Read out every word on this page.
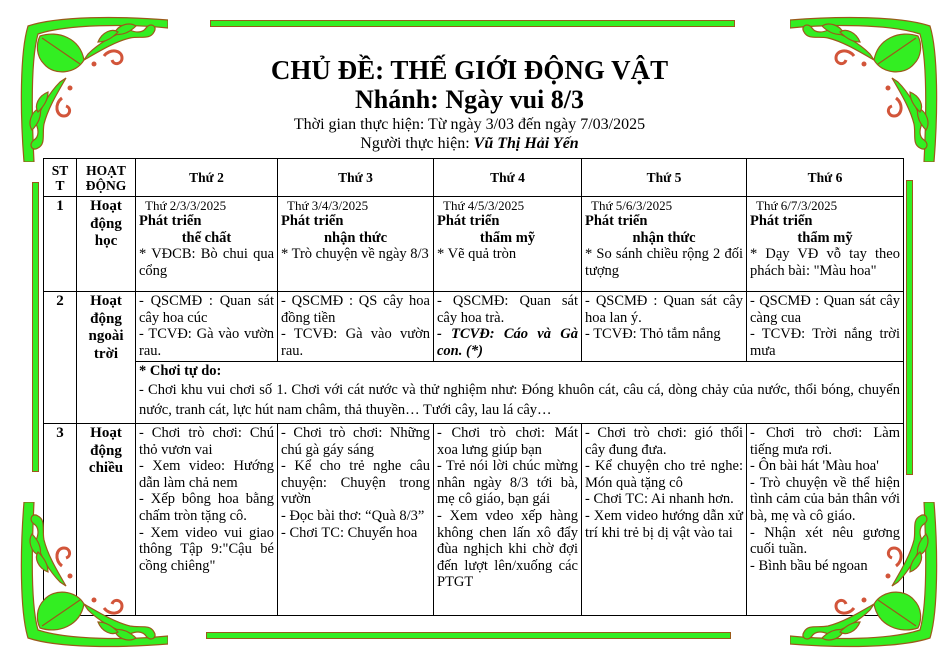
CHỦ ĐỀ: THẾ GIỚI ĐỘNG VẬT

Nhánh: Ngày vui 8/3

Thời gian thực hiện: Từ ngày 3/03 đến ngày 7/03/2025

Người thực hiện: Vũ Thị Hải Yến

ST T	HOẠT ĐỘNG	Thứ 2	Thứ 3	Thứ 4	Thứ 5	Thứ 6
1	Hoạt động học	Thứ 2/3/3/2025
Phát triển
thể chất
* VĐCB: Bò chui qua cổng	Thứ 3/4/3/2025
Phát triển
nhận thức
* Trò chuyện về ngày 8/3	Thứ 4/5/3/2025
Phát triển
thẩm mỹ
* Vẽ quả tròn	Thứ 5/6/3/2025
Phát triển
nhận thức
* So sánh chiều rộng 2 đối tượng	Thứ 6/7/3/2025
Phát triển
thẩm mỹ
* Dạy VĐ vỗ tay theo phách bài: "Màu hoa"

2	Hoạt động ngoài trời	- QSCMĐ : Quan sát cây hoa cúc
- TCVĐ: Gà vào vườn rau.	- QSCMĐ : QS cây hoa đồng tiền
- TCVĐ: Gà vào vườn rau.	- QSCMĐ: Quan sát cây hoa trà.
- TCVĐ: Cáo và Gà con. (*)	- QSCMĐ : Quan sát cây hoa lan ý.
- TCVĐ: Thỏ tắm nắng	- QSCMĐ : Quan sát cây càng cua
- TCVĐ: Trời nắng trời mưa

		* Chơi tự do:
- Chơi khu vui chơi số 1. Chơi với cát nước và thử nghiệm như: Đóng khuôn cát, câu cá, dòng chảy của nước, thổi bóng, chuyển nước, tranh cát, lực hút nam châm, thả thuyền… Tưới cây, lau lá cây…				

3	Hoạt động chiều	- Chơi trò chơi: Chú thỏ vươn vai
- Xem video: Hướng dẫn làm chả nem
- Xếp bông hoa bằng chấm tròn tặng cô.
- Xem video vui giao thông Tập 9:"Cậu bé cồng chiêng"	- Chơi trò chơi: Những chú gà gáy sáng
- Kể cho trẻ nghe câu chuyện: Chuyện trong vườn
- Đọc bài thơ: “Quà 8/3”
- Chơi TC: Chuyển hoa	- Chơi trò chơi: Mát xoa lưng giúp bạn
- Trẻ nói lời chúc mừng nhân ngày 8/3 tới bà, mẹ cô giáo, bạn gái
- Xem vdeo xếp hàng không chen lấn xô đẩy đùa nghịch khi chờ đợi đến lượt lên/xuống các PTGT	- Chơi trò chơi: gió thổi cây đung đưa.
- Kể chuyện cho trẻ nghe: Món quà tặng cô
- Chơi TC: Ai nhanh hơn.
- Xem video hướng dẫn xử trí khi trẻ bị dị vật vào tai	- Chơi trò chơi: Làm tiếng mưa rơi.
- Ôn bài hát 'Màu hoa'
- Trò chuyện về thể hiện tình cảm của bản thân với bà, mẹ và cô giáo.
- Nhận xét nêu gương cuối tuần.
- Bình bầu bé ngoan
